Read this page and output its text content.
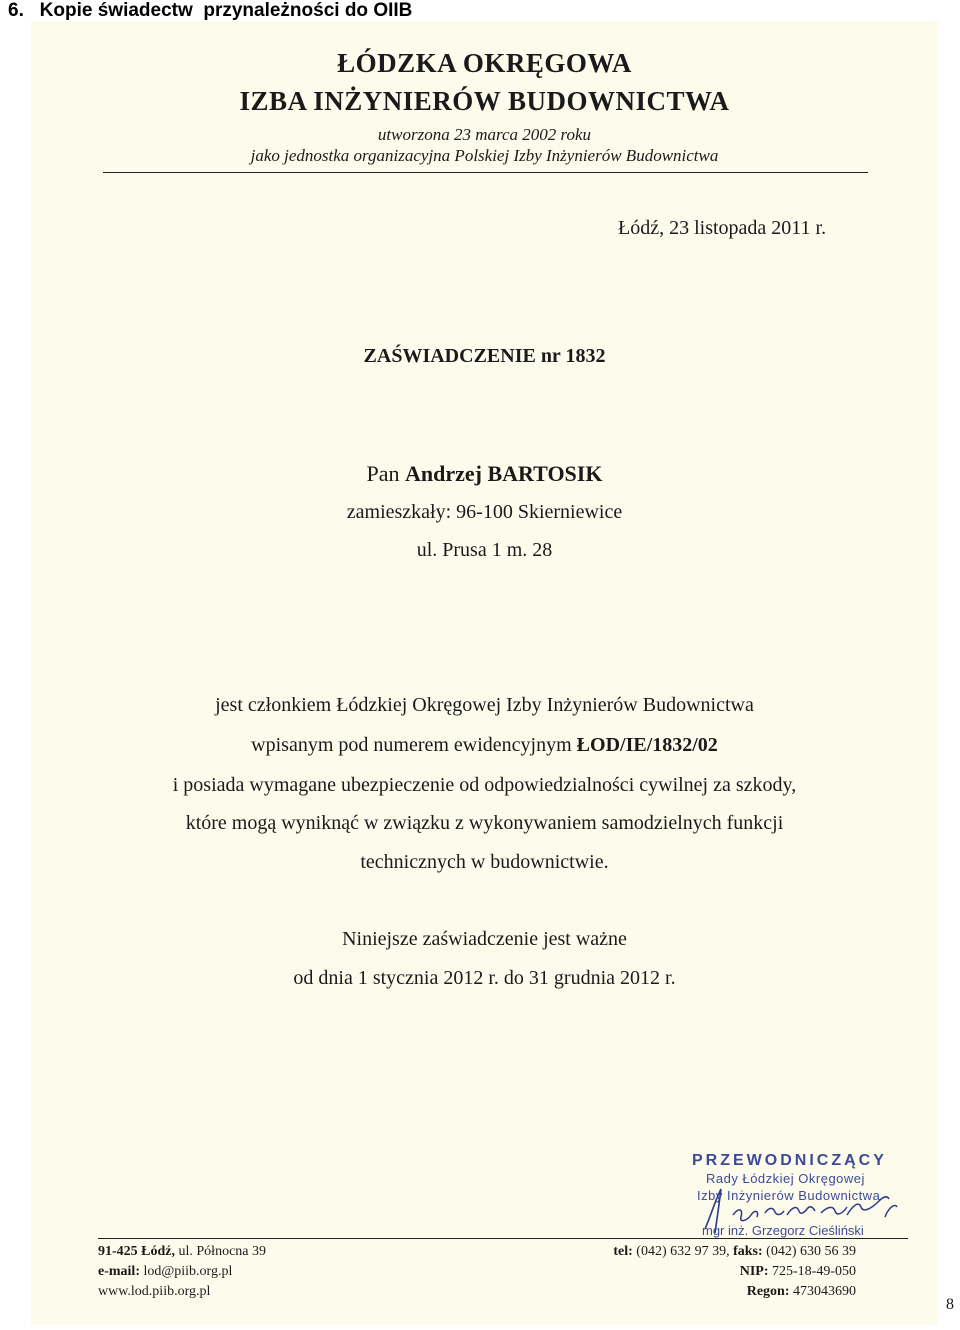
6.   Kopie świadectw  przynależności do OIIB
ŁÓDZKA OKRĘGOWA
IZBA INŻYNIERÓW BUDOWNICTWA
utworzona 23 marca 2002 roku
jako jednostka organizacyjna Polskiej Izby Inżynierów Budownictwa
Łódź, 23 listopada 2011 r.
ZAŚWIADCZENIE nr 1832
Pan Andrzej BARTOSIK
zamieszkały: 96-100 Skierniewice
ul. Prusa 1 m. 28
jest członkiem Łódzkiej Okręgowej Izby Inżynierów Budownictwa
wpisanym pod numerem ewidencyjnym ŁOD/IE/1832/02
i posiada wymagane ubezpieczenie od odpowiedzialności cywilnej za szkody,
które mogą wyniknąć w związku z wykonywaniem samodzielnych funkcji
technicznych w budownictwie.
Niniejsze zaświadczenie jest ważne
od dnia 1 stycznia 2012 r. do 31 grudnia 2012 r.
PRZEWODNICZĄCY
Rady Łódzkiej Okręgowej
Izby Inżynierów Budownictwa
mgr inż. Grzegorz Cieśliński
91-425 Łódź, ul. Północna 39
e-mail: lod@piib.org.pl
www.lod.piib.org.pl
tel: (042) 632 97 39, faks: (042) 630 56 39
NIP: 725-18-49-050
Regon: 473043690
8
